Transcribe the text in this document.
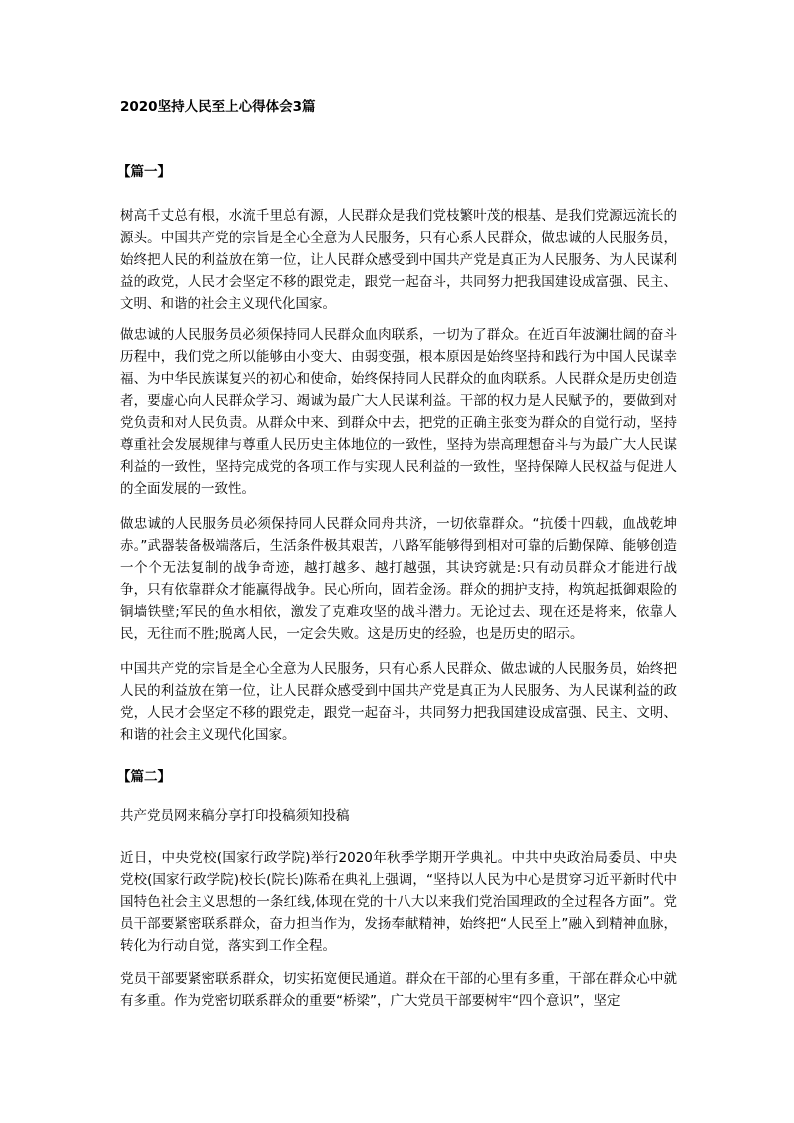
2020坚持人民至上心得体会3篇
【篇一】
树高千丈总有根，水流千里总有源，人民群众是我们党枝繁叶茂的根基、是我们党源远流长的源头。中国共产党的宗旨是全心全意为人民服务，只有心系人民群众，做忠诚的人民服务员，始终把人民的利益放在第一位，让人民群众感受到中国共产党是真正为人民服务、为人民谋利益的政党，人民才会坚定不移的跟党走，跟党一起奋斗，共同努力把我国建设成富强、民主、文明、和谐的社会主义现代化国家。
做忠诚的人民服务员必须保持同人民群众血肉联系，一切为了群众。在近百年波澜壮阔的奋斗历程中，我们党之所以能够由小变大、由弱变强，根本原因是始终坚持和践行为中国人民谋幸福、为中华民族谋复兴的初心和使命，始终保持同人民群众的血肉联系。人民群众是历史创造者，要虚心向人民群众学习、竭诚为最广大人民谋利益。干部的权力是人民赋予的，要做到对党负责和对人民负责。从群众中来、到群众中去，把党的正确主张变为群众的自觉行动，坚持尊重社会发展规律与尊重人民历史主体地位的一致性，坚持为崇高理想奋斗与为最广大人民谋利益的一致性，坚持完成党的各项工作与实现人民利益的一致性，坚持保障人民权益与促进人的全面发展的一致性。
做忠诚的人民服务员必须保持同人民群众同舟共济，一切依靠群众。“抗倭十四载，血战乾坤赤。”武器装备极端落后，生活条件极其艰苦，八路军能够得到相对可靠的后勤保障、能够创造一个个无法复制的战争奇迹，越打越多、越打越强，其诀窍就是:只有动员群众才能进行战争，只有依靠群众才能赢得战争。民心所向，固若金汤。群众的拥护支持，构筑起抵御艰险的铜墙铁壁;军民的鱼水相依，激发了克难攻坚的战斗潜力。无论过去、现在还是将来，依靠人民，无往而不胜;脱离人民，一定会失败。这是历史的经验，也是历史的昭示。
中国共产党的宗旨是全心全意为人民服务，只有心系人民群众、做忠诚的人民服务员，始终把人民的利益放在第一位，让人民群众感受到中国共产党是真正为人民服务、为人民谋利益的政党，人民才会坚定不移的跟党走，跟党一起奋斗，共同努力把我国建设成富强、民主、文明、和谐的社会主义现代化国家。
【篇二】
共产党员网来稿分享打印投稿须知投稿
近日，中央党校(国家行政学院)举行2020年秋季学期开学典礼。中共中央政治局委员、中央党校(国家行政学院)校长(院长)陈希在典礼上强调，“坚持以人民为中心是贯穿习近平新时代中国特色社会主义思想的一条红线,体现在党的十八大以来我们党治国理政的全过程各方面”。党员干部要紧密联系群众，奋力担当作为，发扬奉献精神，始终把“人民至上”融入到精神血脉，转化为行动自觉，落实到工作全程。
党员干部要紧密联系群众，切实拓宽便民通道。群众在干部的心里有多重，干部在群众心中就有多重。作为党密切联系群众的重要“桥梁”，广大党员干部要树牢“四个意识”，坚定
